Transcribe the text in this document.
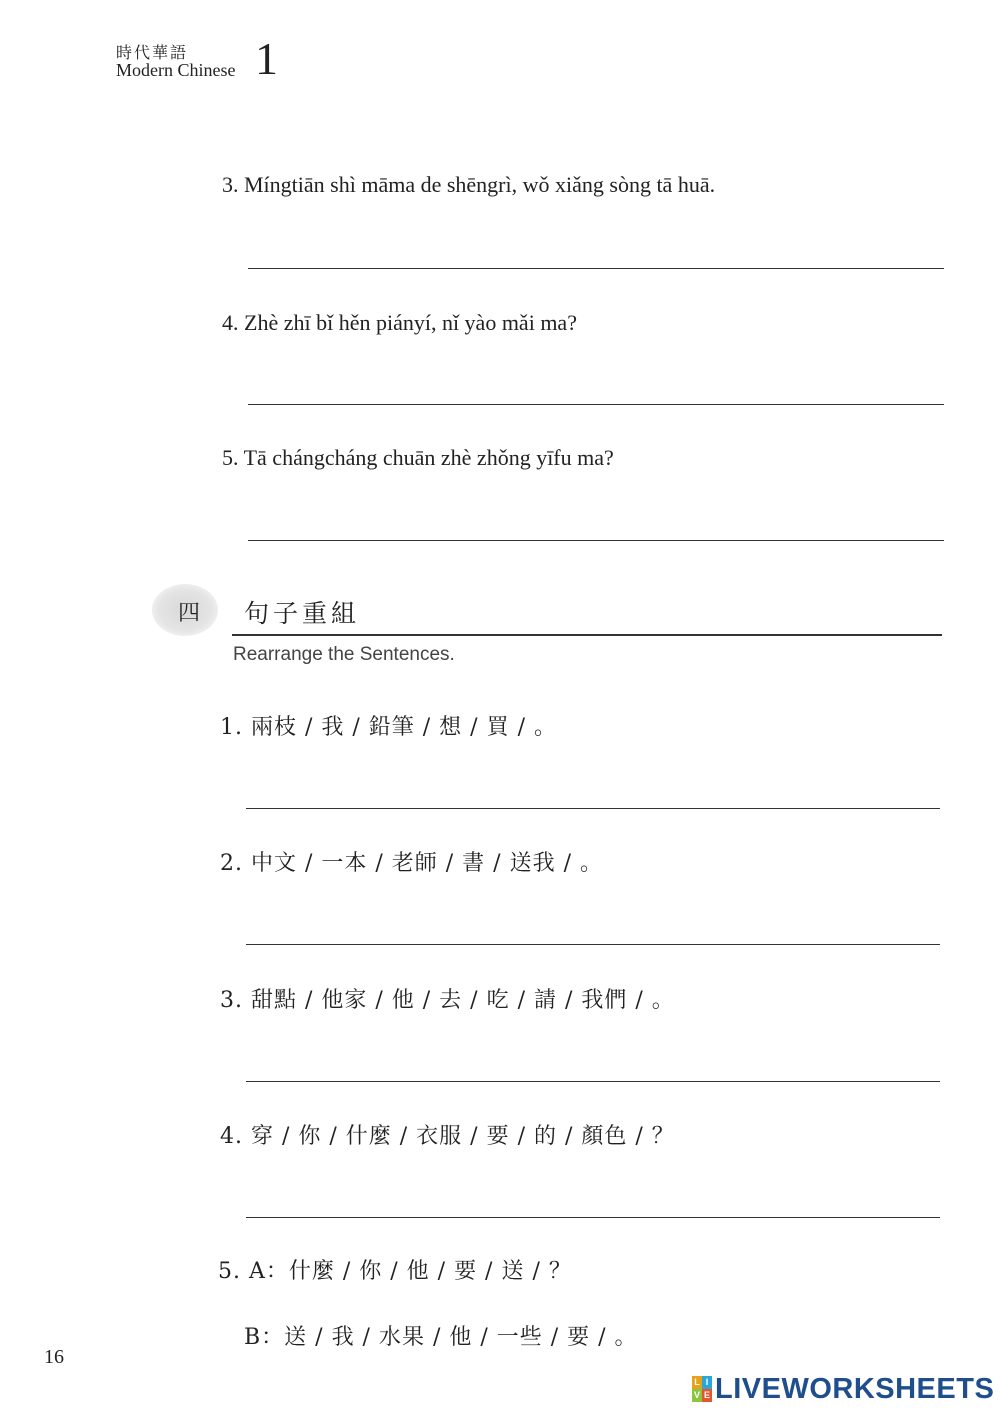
時代華語
Modern Chinese 1
3. Míngtiān shì māma de shēngrì, wǒ xiǎng sòng tā huā.
4. Zhè zhī bǐ hěn piányí, nǐ yào mǎi ma?
5. Tā chángcháng chuān zhè zhǒng yīfu ma?
四 句子重組
Rearrange the Sentences.
1. 兩枝 / 我 / 鉛筆 / 想 / 買 / 。
2. 中文 / 一本 / 老師 / 書 / 送我 / 。
3. 甜點 / 他家 / 他 / 去 / 吃 / 請 / 我們 / 。
4. 穿 / 你 / 什麼 / 衣服 / 要 / 的 / 顏色 / ？
5. A：什麼 / 你 / 他 / 要 / 送 / ？
B：送 / 我 / 水果 / 他 / 一些 / 要 / 。
16
L I
V E LIVEWORKSHEETS
